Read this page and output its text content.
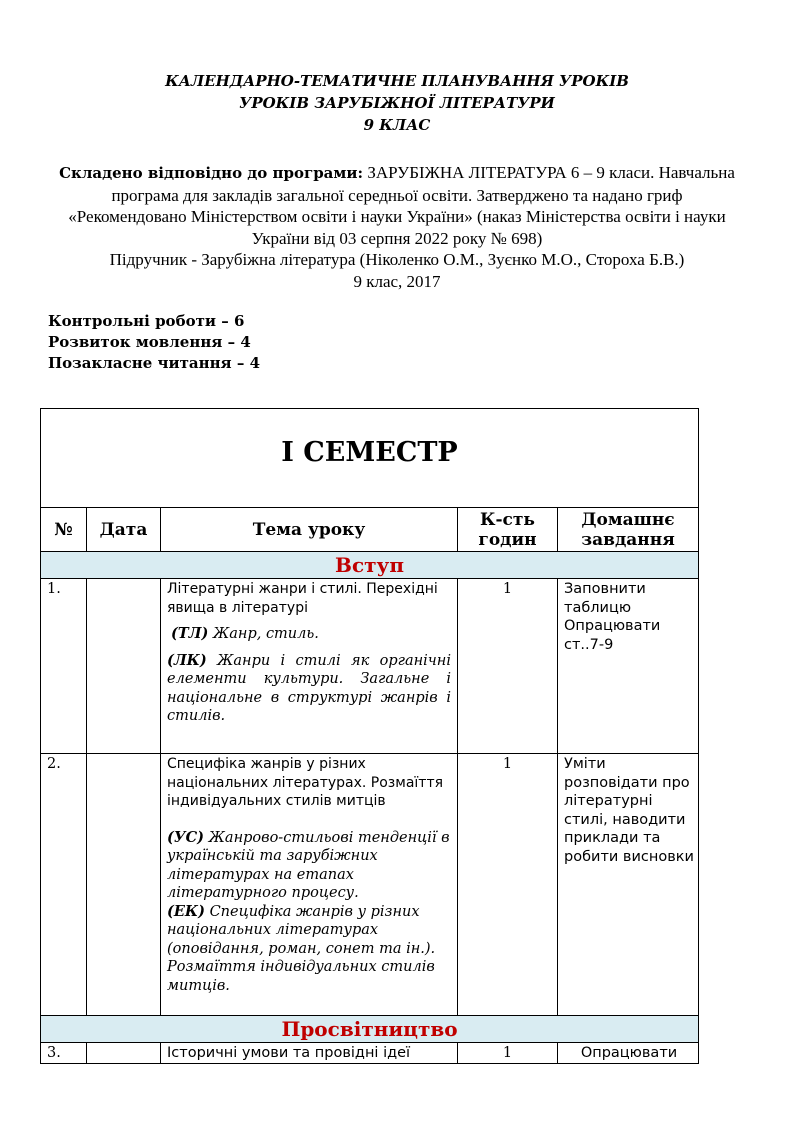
КАЛЕНДАРНО-ТЕМАТИЧНЕ ПЛАНУВАННЯ УРОКІВ
УРОКІВ ЗАРУБІЖНОЇ ЛІТЕРАТУРИ
9 КЛАС
Складено відповідно до програми: ЗАРУБІЖНА ЛІТЕРАТУРА 6 – 9 класи. Навчальна програма для закладів загальної середньої освіти. Затверджено та надано гриф «Рекомендовано Міністерством освіти і науки України» (наказ Міністерства освіти і науки України від 03 серпня 2022 року № 698)
Підручник - Зарубіжна література (Ніколенко О.М., Зуєнко М.О., Стороха Б.В.)
9 клас, 2017
Контрольні роботи – 6
Розвиток мовлення – 4
Позакласне читання – 4
І СЕМЕСТР				
№	Дата	Тема уроку	К-сть годин	Домашнє завдання
Вступ				
1.		Літературні жанри і стилі. Перехідні явища в літературі
(ТЛ) Жанр, стиль.
(ЛК) Жанри і стилі як органічні елементи культури. Загальне і національне в структурі жанрів і стилів.	1	Заповнити таблицю Опрацювати ст..7-9
2.		Специфіка жанрів у різних національних літературах. Розмаїття індивідуальних стилів митців
(УС) Жанрово-стильові тенденції в українській та зарубіжних літературах на етапах літературного процесу.
(ЕК) Специфіка жанрів у різних національних літературах (оповідання, роман, сонет та ін.). Розмаїття індивідуальних стилів митців.	1	Уміти розповідати про літературні стилі, наводити приклади та робити висновки
Просвітництво				
3.		Історичні умови та провідні ідеї	1	Опрацювати
